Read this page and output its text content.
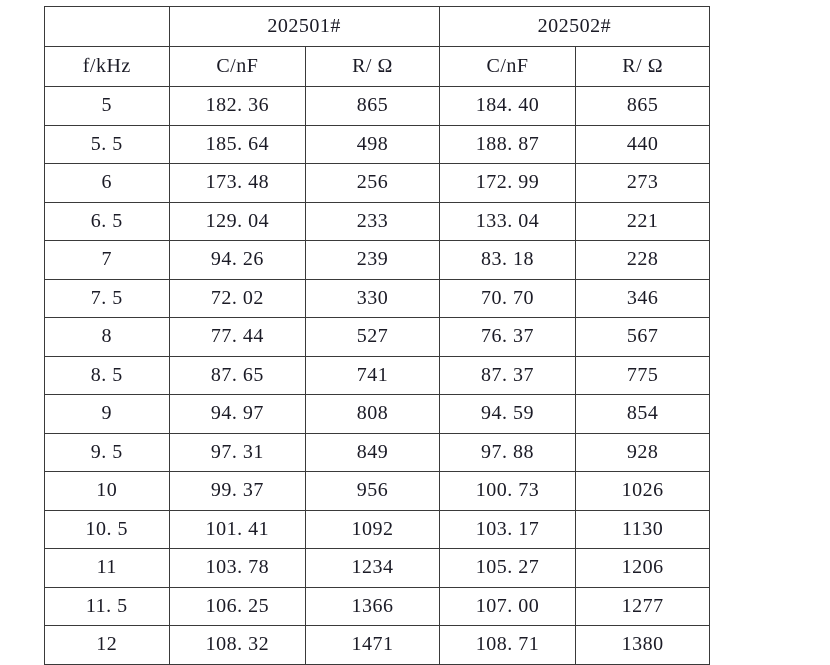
	202501#		202502#	
f/kHz	C/nF	R/ Ω	C/nF	R/ Ω
5	182. 36	865	184. 40	865
5. 5	185. 64	498	188. 87	440
6	173. 48	256	172. 99	273
6. 5	129. 04	233	133. 04	221
7	94. 26	239	83. 18	228
7. 5	72. 02	330	70. 70	346
8	77. 44	527	76. 37	567
8. 5	87. 65	741	87. 37	775
9	94. 97	808	94. 59	854
9. 5	97. 31	849	97. 88	928
10	99. 37	956	100. 73	1026
10. 5	101. 41	1092	103. 17	1130
11	103. 78	1234	105. 27	1206
11. 5	106. 25	1366	107. 00	1277
12	108. 32	1471	108. 71	1380
